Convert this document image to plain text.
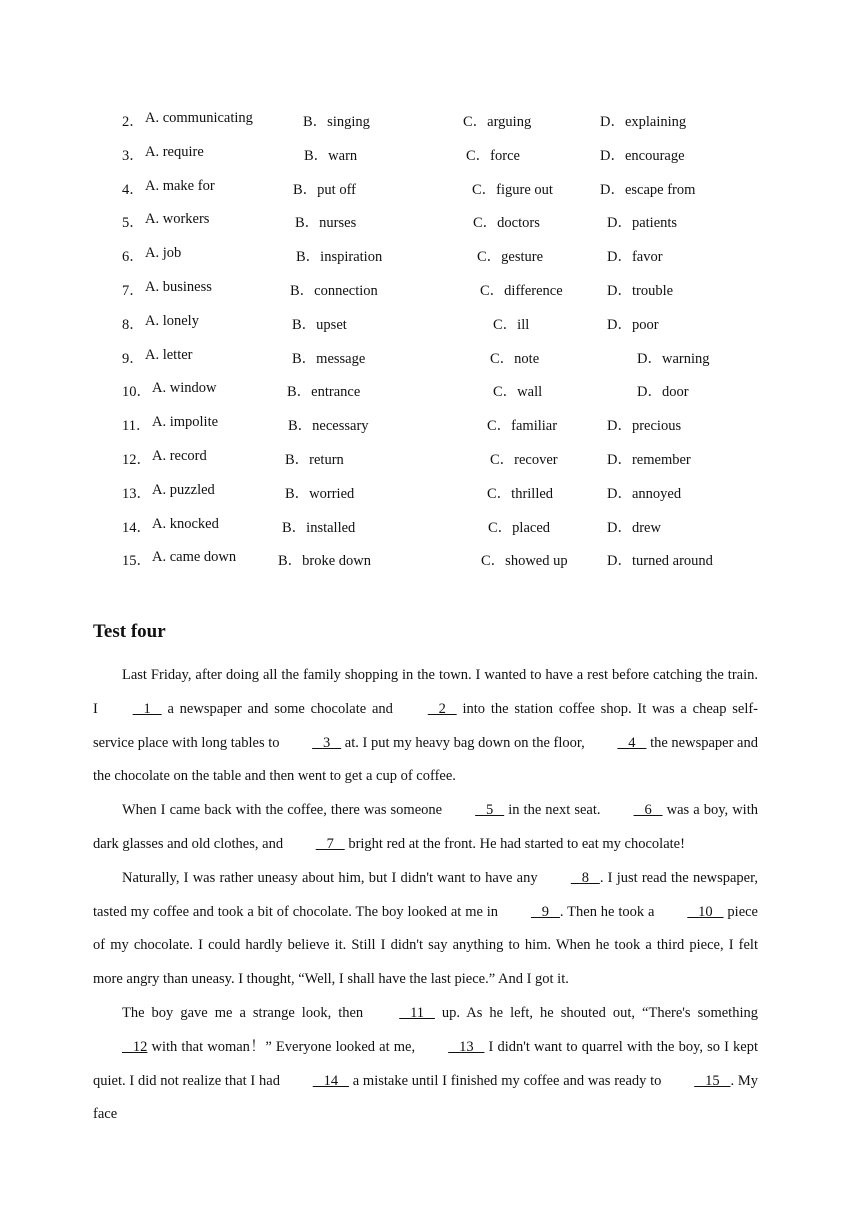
2． A. communicating	B．singing	C．arguing	D．explaining
3． A. require	B．warn	C．force	D．encourage
4． A. make for	B．put off	C．figure out	D．escape from
5． A. workers	B．nurses	C．doctors	D．patients
6． A. job	B．inspiration	C．gesture	D．favor
7． A. business	B．connection	C．difference	D．trouble
8． A. lonely	B．upset	C．ill	D．poor
9． A. letter	B．message	C．note	D．warning
10． A. window	B．entrance	C．wall	D．door
11． A. impolite	B．necessary	C．familiar	D．precious
12． A. record	B．return	C．recover	D．remember
13． A. puzzled	B．worried	C．thrilled	D．annoyed
14． A. knocked	B．installed	C．placed	D．drew
15． A. came down	B．broke down	C．showed up	D．turned around
Test four

Last Friday, after doing all the family shopping in the town. I wanted to have a rest before catching the train. I    1    a newspaper and some chocolate and    2    into the station coffee shop. It was a cheap self-service place with long tables to    3    at. I put my heavy bag down on the floor,    4    the newspaper and the chocolate on the table and then went to get a cup of coffee.

When I came back with the coffee, there was someone    5    in the next seat.    6    was a boy, with dark glasses and old clothes, and    7    bright red at the front. He had started to eat my chocolate!

Naturally, I was rather uneasy about him, but I didn't want to have any    8   . I just read the newspaper, tasted my coffee and took a bit of chocolate. The boy looked at me in    9   . Then he took a    10    piece of my chocolate. I could hardly believe it. Still I didn't say anything to him. When he took a third piece, I felt more angry than uneasy. I thought, “Well, I shall have the last piece.” And I got it.

The boy gave me a strange look, then    11    up. As he left, he shouted out, “There's something    12 with that woman！” Everyone looked at me,    13    I didn't want to quarrel with the boy, so I kept quiet. I did not realize that I had    14    a mistake until I finished my coffee and was ready to    15   . My face
